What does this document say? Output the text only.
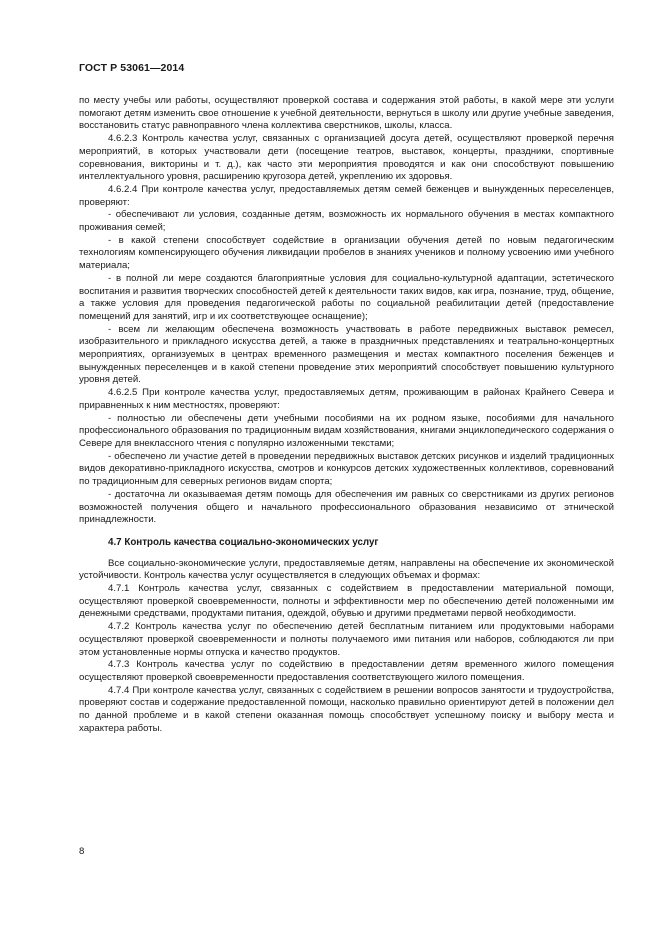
ГОСТ Р 53061—2014

по месту учебы или работы, осуществляют проверкой состава и содержания этой работы, в какой мере эти услуги помогают детям изменить свое отношение к учебной деятельности, вернуться в школу или другие учебные заведения, восстановить статус равноправного члена коллектива сверстников, школы, класса.

4.6.2.3 Контроль качества услуг, связанных с организацией досуга детей, осуществляют проверкой перечня мероприятий, в которых участвовали дети (посещение театров, выставок, концерты, праздники, спортивные соревнования, викторины и т. д.), как часто эти мероприятия проводятся и как они способствуют повышению интеллектуального уровня, расширению кругозора детей, укреплению их здоровья.

4.6.2.4 При контроле качества услуг, предоставляемых детям семей беженцев и вынужденных переселенцев, проверяют:

- обеспечивают ли условия, созданные детям, возможность их нормального обучения в местах компактного проживания семей;

- в какой степени способствует содействие в организации обучения детей по новым педагогическим технологиям компенсирующего обучения ликвидации пробелов в знаниях учеников и полному усвоению ими учебного материала;

- в полной ли мере создаются благоприятные условия для социально-культурной адаптации, эстетического воспитания и развития творческих способностей детей к деятельности таких видов, как игра, познание, труд, общение, а также условия для проведения педагогической работы по социальной реабилитации детей (предоставление помещений для занятий, игр и их соответствующее оснащение);

- всем ли желающим обеспечена возможность участвовать в работе передвижных выставок ремесел, изобразительного и прикладного искусства детей, а также в праздничных представлениях и театрально-концертных мероприятиях, организуемых в центрах временного размещения и местах компактного поселения беженцев и вынужденных переселенцев и в какой степени проведение этих мероприятий способствует повышению культурного уровня детей.

4.6.2.5 При контроле качества услуг, предоставляемых детям, проживающим в районах Крайнего Севера и приравненных к ним местностях, проверяют:

- полностью ли обеспечены дети учебными пособиями на их родном языке, пособиями для начального профессионального образования по традиционным видам хозяйствования, книгами энциклопедического содержания о Севере для внеклассного чтения с популярно изложенными текстами;

- обеспечено ли участие детей в проведении передвижных выставок детских рисунков и изделий традиционных видов декоративно-прикладного искусства, смотров и конкурсов детских художественных коллективов, соревнований по традиционным для северных регионов видам спорта;

- достаточна ли оказываемая детям помощь для обеспечения им равных со сверстниками из других регионов возможностей получения общего и начального профессионального образования независимо от этнической принадлежности.

4.7 Контроль качества социально-экономических услуг

Все социально-экономические услуги, предоставляемые детям, направлены на обеспечение их экономической устойчивости. Контроль качества услуг осуществляется в следующих объемах и формах:

4.7.1 Контроль качества услуг, связанных с содействием в предоставлении материальной помощи, осуществляют проверкой своевременности, полноты и эффективности мер по обеспечению детей положенными им денежными средствами, продуктами питания, одеждой, обувью и другими предметами первой необходимости.

4.7.2 Контроль качества услуг по обеспечению детей бесплатным питанием или продуктовыми наборами осуществляют проверкой своевременности и полноты получаемого ими питания или наборов, соблюдаются ли при этом установленные нормы отпуска и качество продуктов.

4.7.3 Контроль качества услуг по содействию в предоставлении детям временного жилого помещения осуществляют проверкой своевременности предоставления соответствующего жилого помещения.

4.7.4 При контроле качества услуг, связанных с содействием в решении вопросов занятости и трудоустройства, проверяют состав и содержание предоставленной помощи, насколько правильно ориентируют детей в положении дел по данной проблеме и в какой степени оказанная помощь способствует успешному поиску и выбору места и характера работы.

8
